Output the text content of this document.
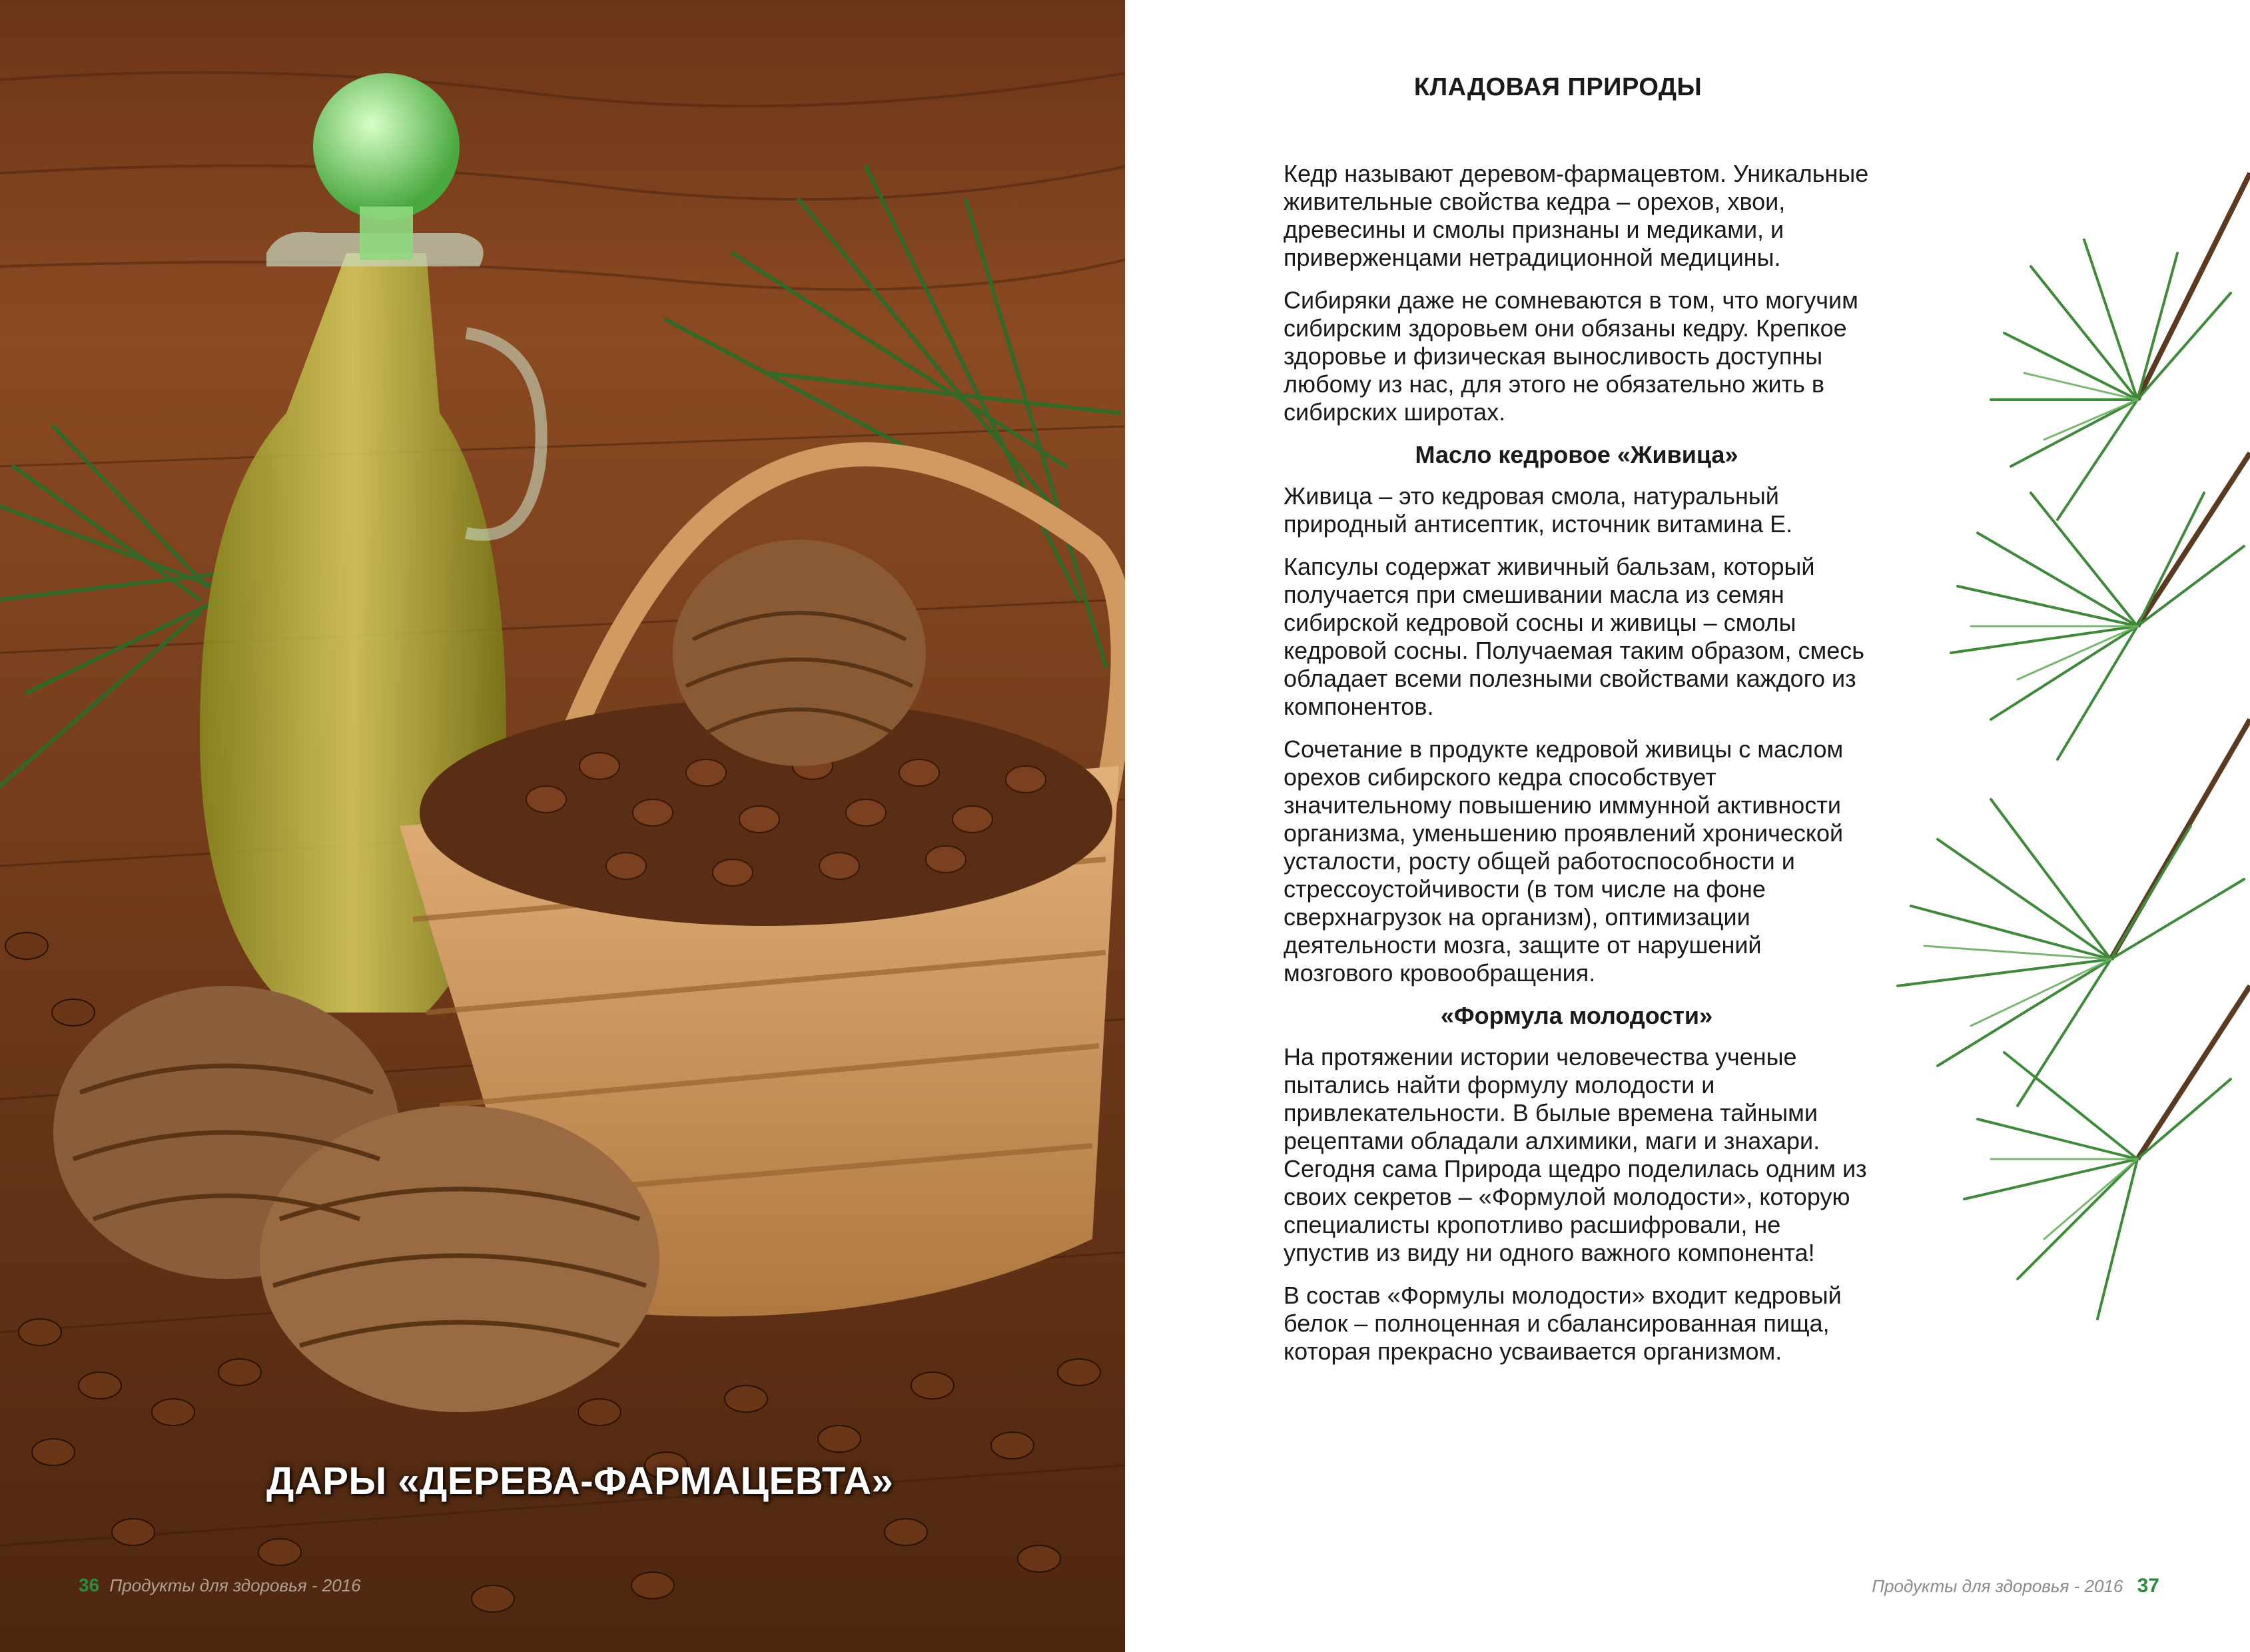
ДАРЫ «ДЕРЕВА-ФАРМАЦЕВТА»
36 Продукты для здоровья - 2016
КЛАДОВАЯ ПРИРОДЫ

Кедр называют деревом-фармацевтом. Уникальные живительные свойства кедра – орехов, хвои, древесины и смолы признаны и медиками, и приверженцами нетрадиционной медицины.

Сибиряки даже не сомневаются в том, что могучим сибирским здоровьем они обязаны кедру. Крепкое здоровье и физическая выносливость доступны любому из нас, для этого не обязательно жить в сибирских широтах.

Масло кедровое «Живица»

Живица – это кедровая смола, натуральный природный антисептик, источник витамина Е.

Капсулы содержат живичный бальзам, который получается при смешивании масла из семян сибирской кедровой сосны и живицы – смолы кедровой сосны. Получаемая таким образом, смесь обладает всеми полезными свойствами каждого из компонентов.

Сочетание в продукте кедровой живицы с маслом орехов сибирского кедра способствует значительному повышению иммунной активности организма, уменьшению проявлений хронической усталости, росту общей работоспособности и стрессоустойчивости (в том числе на фоне сверхнагрузок на организм), оптимизации деятельности мозга, защите от нарушений мозгового кровообращения.

«Формула молодости»

На протяжении истории человечества ученые пытались найти формулу молодости и привлекательности. В былые времена тайными рецептами обладали алхимики, маги и знахари. Сегодня сама Природа щедро поделилась одним из своих секретов – «Формулой молодости», которую специалисты кропотливо расшифровали, не упустив из виду ни одного важного компонента!

В состав «Формулы молодости» входит кедровый белок – полноценная и сбалансированная пища, которая прекрасно усваивается организмом.

Продукты для здоровья - 2016 37
